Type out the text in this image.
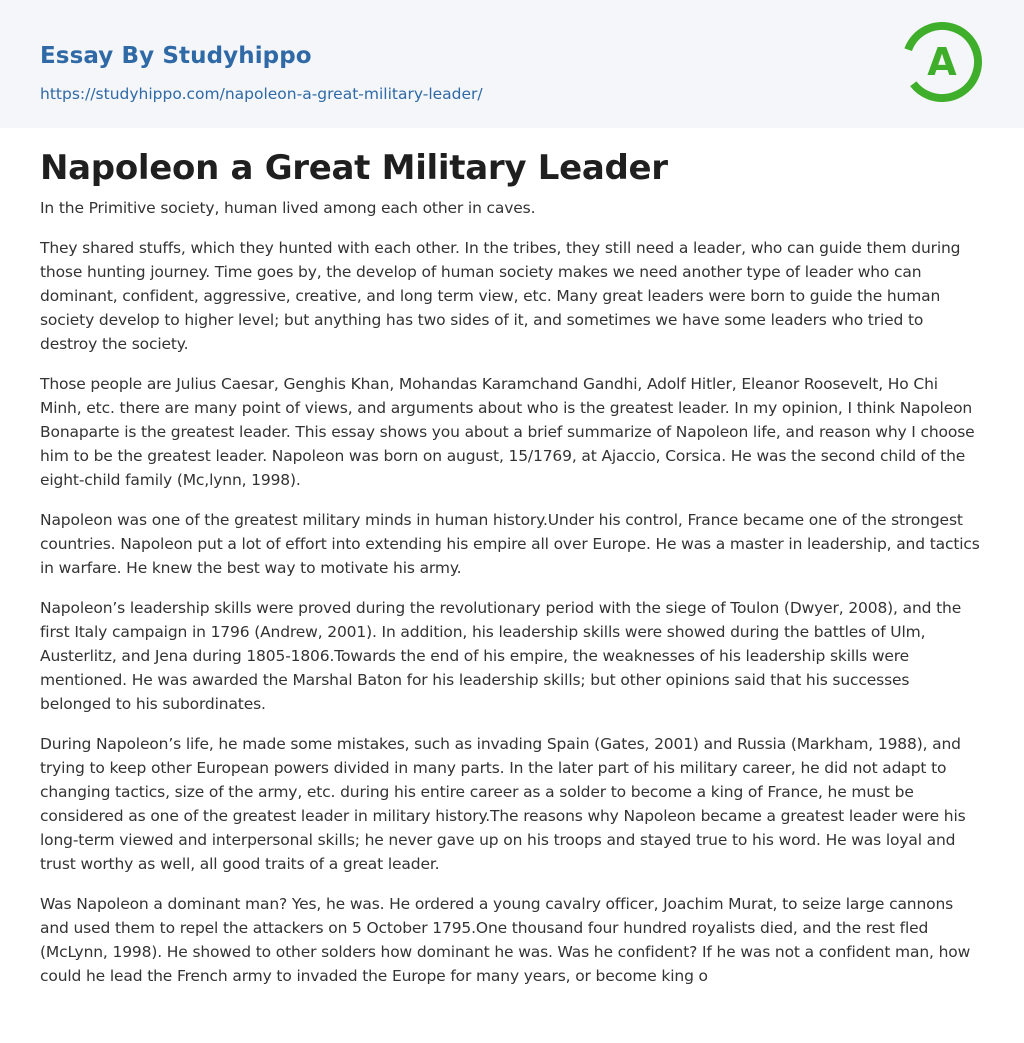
Essay By Studyhippo
https://studyhippo.com/napoleon-a-great-military-leader/
A
Napoleon a Great Military Leader

In the Primitive society, human lived among each other in caves.

They shared stuffs, which they hunted with each other. In the tribes, they still need a leader, who can guide them during those hunting journey. Time goes by, the develop of human society makes we need another type of leader who can dominant, confident, aggressive, creative, and long term view, etc. Many great leaders were born to guide the human society develop to higher level; but anything has two sides of it, and sometimes we have some leaders who tried to destroy the society.

Those people are Julius Caesar, Genghis Khan, Mohandas Karamchand Gandhi, Adolf Hitler, Eleanor Roosevelt, Ho Chi Minh, etc. there are many point of views, and arguments about who is the greatest leader. In my opinion, I think Napoleon Bonaparte is the greatest leader. This essay shows you about a brief summarize of Napoleon life, and reason why I choose him to be the greatest leader. Napoleon was born on august, 15/1769, at Ajaccio, Corsica. He was the second child of the eight-child family (Mc,lynn, 1998).

Napoleon was one of the greatest military minds in human history.Under his control, France became one of the strongest countries. Napoleon put a lot of effort into extending his empire all over Europe. He was a master in leadership, and tactics in warfare. He knew the best way to motivate his army.

Napoleon’s leadership skills were proved during the revolutionary period with the siege of Toulon (Dwyer, 2008), and the first Italy campaign in 1796 (Andrew, 2001). In addition, his leadership skills were showed during the battles of Ulm, Austerlitz, and Jena during 1805-1806.Towards the end of his empire, the weaknesses of his leadership skills were mentioned. He was awarded the Marshal Baton for his leadership skills; but other opinions said that his successes belonged to his subordinates.

During Napoleon’s life, he made some mistakes, such as invading Spain (Gates, 2001) and Russia (Markham, 1988), and trying to keep other European powers divided in many parts. In the later part of his military career, he did not adapt to changing tactics, size of the army, etc. during his entire career as a solder to become a king of France, he must be considered as one of the greatest leader in military history.The reasons why Napoleon became a greatest leader were his long-term viewed and interpersonal skills; he never gave up on his troops and stayed true to his word. He was loyal and trust worthy as well, all good traits of a great leader.

Was Napoleon a dominant man? Yes, he was. He ordered a young cavalry officer, Joachim Murat, to seize large cannons and used them to repel the attackers on 5 October 1795.One thousand four hundred royalists died, and the rest fled (McLynn, 1998). He showed to other solders how dominant he was. Was he confident? If he was not a confident man, how could he lead the French army to invaded the Europe for many years, or become king o
